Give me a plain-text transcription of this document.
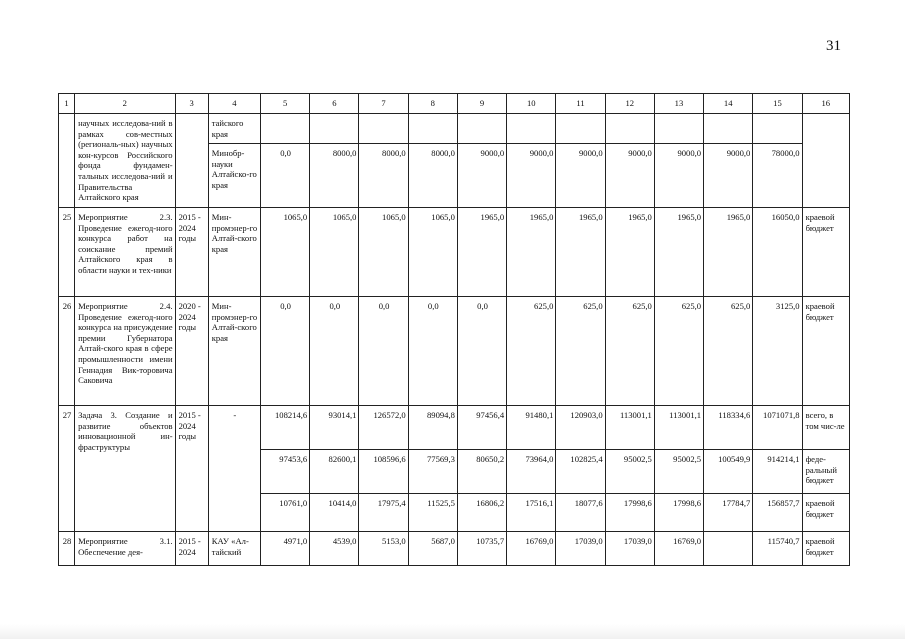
31
1	2	3	4	5	6	7	8	9	10	11	12	13	14	15	16
	научных исследова-ний в рамках сов-местных (региональ-ных) научных кон-курсов Российского фонда фундамен-тальных исследова-ний и Правительства Алтайского края		тайского края												
			Минобр-науки Алтайско-го края	0,0	8000,0	8000,0	8000,0	9000,0	9000,0	9000,0	9000,0	9000,0	9000,0	78000,0	
25	Мероприятие 2.3. Проведение ежегод-ного конкурса работ на соискание премий Алтайского края в области науки и тех-ники	2015 - 2024 годы	Мин-промэнер-го Алтай-ского края	1065,0	1065,0	1065,0	1065,0	1965,0	1965,0	1965,0	1965,0	1965,0	1965,0	16050,0	краевой бюджет
26	Мероприятие 2.4. Проведение ежегод-ного конкурса на присуждение премии Губернатора Алтай-ского края в сфере промышленности имени Геннадия Вик-торовича Саковича	2020 - 2024 годы	Мин-промэнер-го Алтай-ского края	0,0	0,0	0,0	0,0	0,0	625,0	625,0	625,0	625,0	625,0	3125,0	краевой бюджет
27	Задача 3. Создание и развитие объектов инновационной ин-фраструктуры	2015 - 2024 годы	-	108214,6	93014,1	126572,0	89094,8	97456,4	91480,1	120903,0	113001,1	113001,1	118334,6	1071071,8	всего, в том чис-ле
				97453,6	82600,1	108596,6	77569,3	80650,2	73964,0	102825,4	95002,5	95002,5	100549,9	914214,1	феде-ральный бюджет
				10761,0	10414,0	17975,4	11525,5	16806,2	17516,1	18077,6	17998,6	17998,6	17784,7	156857,7	краевой бюджет
28	Мероприятие 3.1. Обеспечение дея-	2015 - 2024	КАУ «Ал-тайский	4971,0	4539,0	5153,0	5687,0	10735,7	16769,0	17039,0	17039,0	16769,0		115740,7	краевой бюджет
